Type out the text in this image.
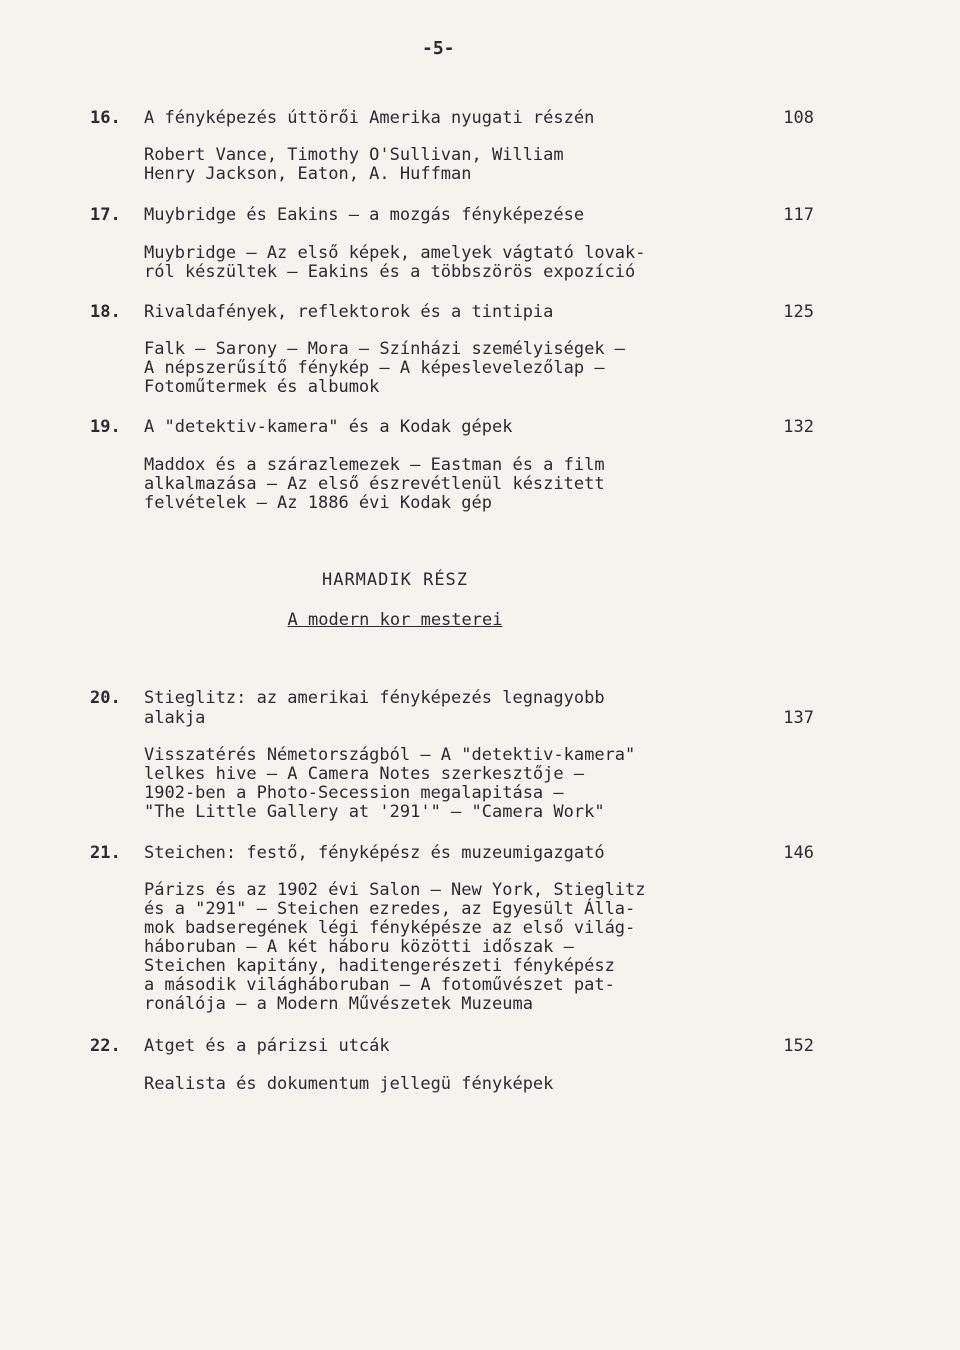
-5-
16. A fényképezés úttörői Amerika nyugati részén	108
Robert Vance, Timothy O'Sullivan, William
Henry Jackson, Eaton, A. Huffman
17. Muybridge és Eakins – a mozgás fényképezése	117
Muybridge – Az első képek, amelyek vágtató lovak-
ról készültek – Eakins és a többszörös expozíció
18. Rivaldafények, reflektorok és a tintipia	125
Falk – Sarony – Mora – Színházi személyiségek –
A népszerűsítő fénykép – A képeslevelezőlap –
Fotoműtermek és albumok
19. A "detektiv-kamera" és a Kodak gépek	132
Maddox és a szárazlemezek – Eastman és a film
alkalmazása – Az első észrevétlenül készitett
felvételek – Az 1886 évi Kodak gép
HARMADIK RÉSZ
A modern kor mesterei
20. Stieglitz: az amerikai fényképezés legnagyobb alakja	137
Visszatérés Németországból – A "detektiv-kamera"
lelkes hive – A Camera Notes szerkesztője –
1902-ben a Photo-Secession megalapitása –
"The Little Gallery at '291'" – "Camera Work"
21. Steichen: festő, fényképész és muzeumigazgató	146
Párizs és az 1902 évi Salon – New York, Stieglitz
és a "291" – Steichen ezredes, az Egyesült Álla-
mok badseregének légi fényképésze az első világ-
háboruban – A két háboru közötti időszak –
Steichen kapitány, haditengerészeti fényképész
a második világháboruban – A fotoművészet pat-
ronálója – a Modern Művészetek Muzeuma
22. Atget és a párizsi utcák	152
Realista és dokumentum jellegü fényképek
